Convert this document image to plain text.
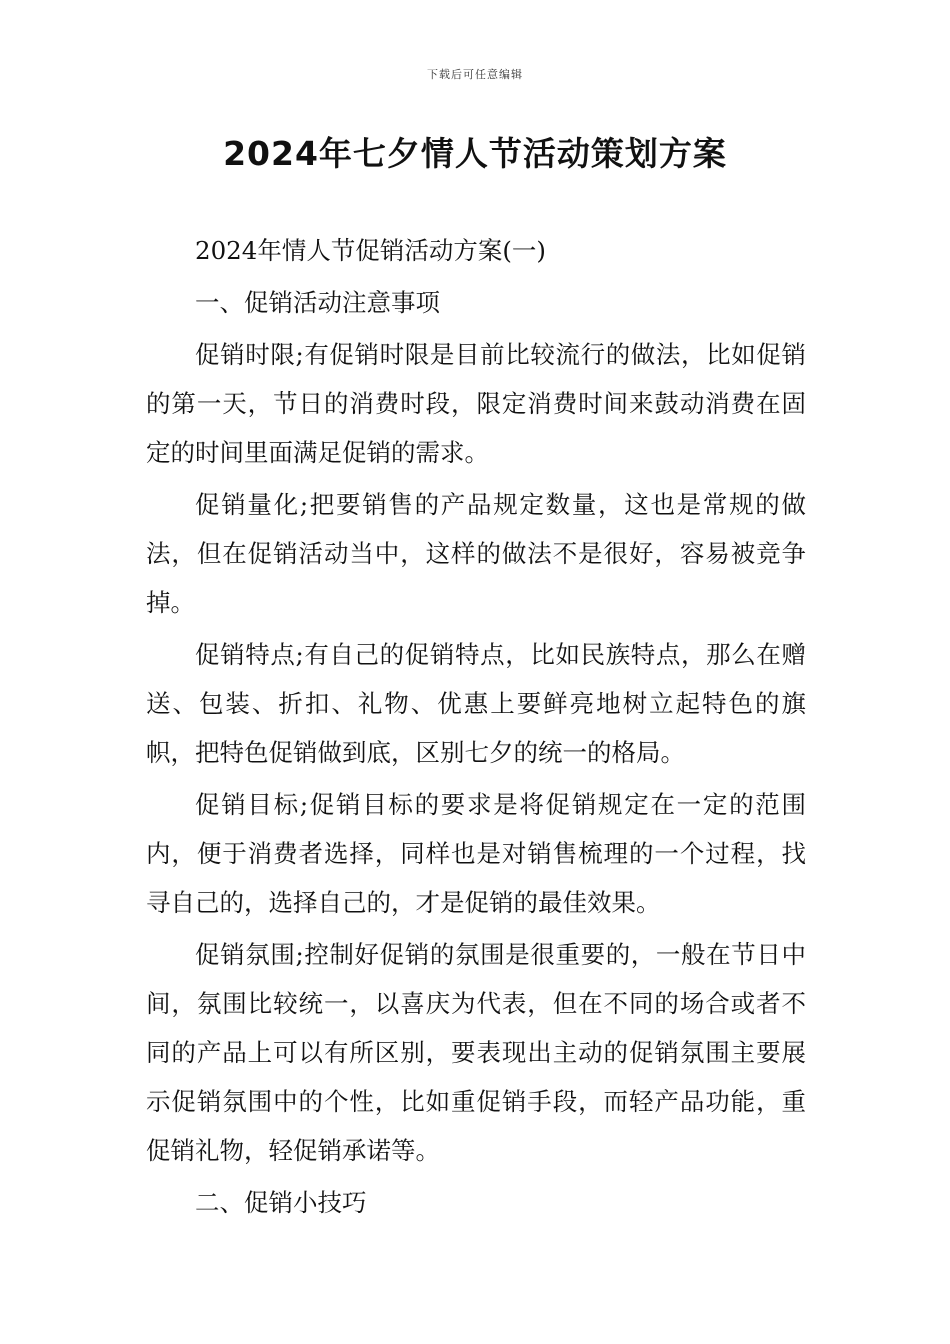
下载后可任意编辑
2024年七夕情人节活动策划方案

2024年情人节促销活动方案(一)

一、促销活动注意事项

促销时限;有促销时限是目前比较流行的做法，比如促销的第一天，节日的消费时段，限定消费时间来鼓动消费在固定的时间里面满足促销的需求。

促销量化;把要销售的产品规定数量，这也是常规的做法，但在促销活动当中，这样的做法不是很好，容易被竞争掉。

促销特点;有自己的促销特点，比如民族特点，那么在赠送、包装、折扣、礼物、优惠上要鲜亮地树立起特色的旗帜，把特色促销做到底，区别七夕的统一的格局。

促销目标;促销目标的要求是将促销规定在一定的范围内，便于消费者选择，同样也是对销售梳理的一个过程，找寻自己的，选择自己的，才是促销的最佳效果。

促销氛围;控制好促销的氛围是很重要的，一般在节日中间，氛围比较统一，以喜庆为代表，但在不同的场合或者不同的产品上可以有所区别，要表现出主动的促销氛围主要展示促销氛围中的个性，比如重促销手段，而轻产品功能，重促销礼物，轻促销承诺等。

二、促销小技巧
